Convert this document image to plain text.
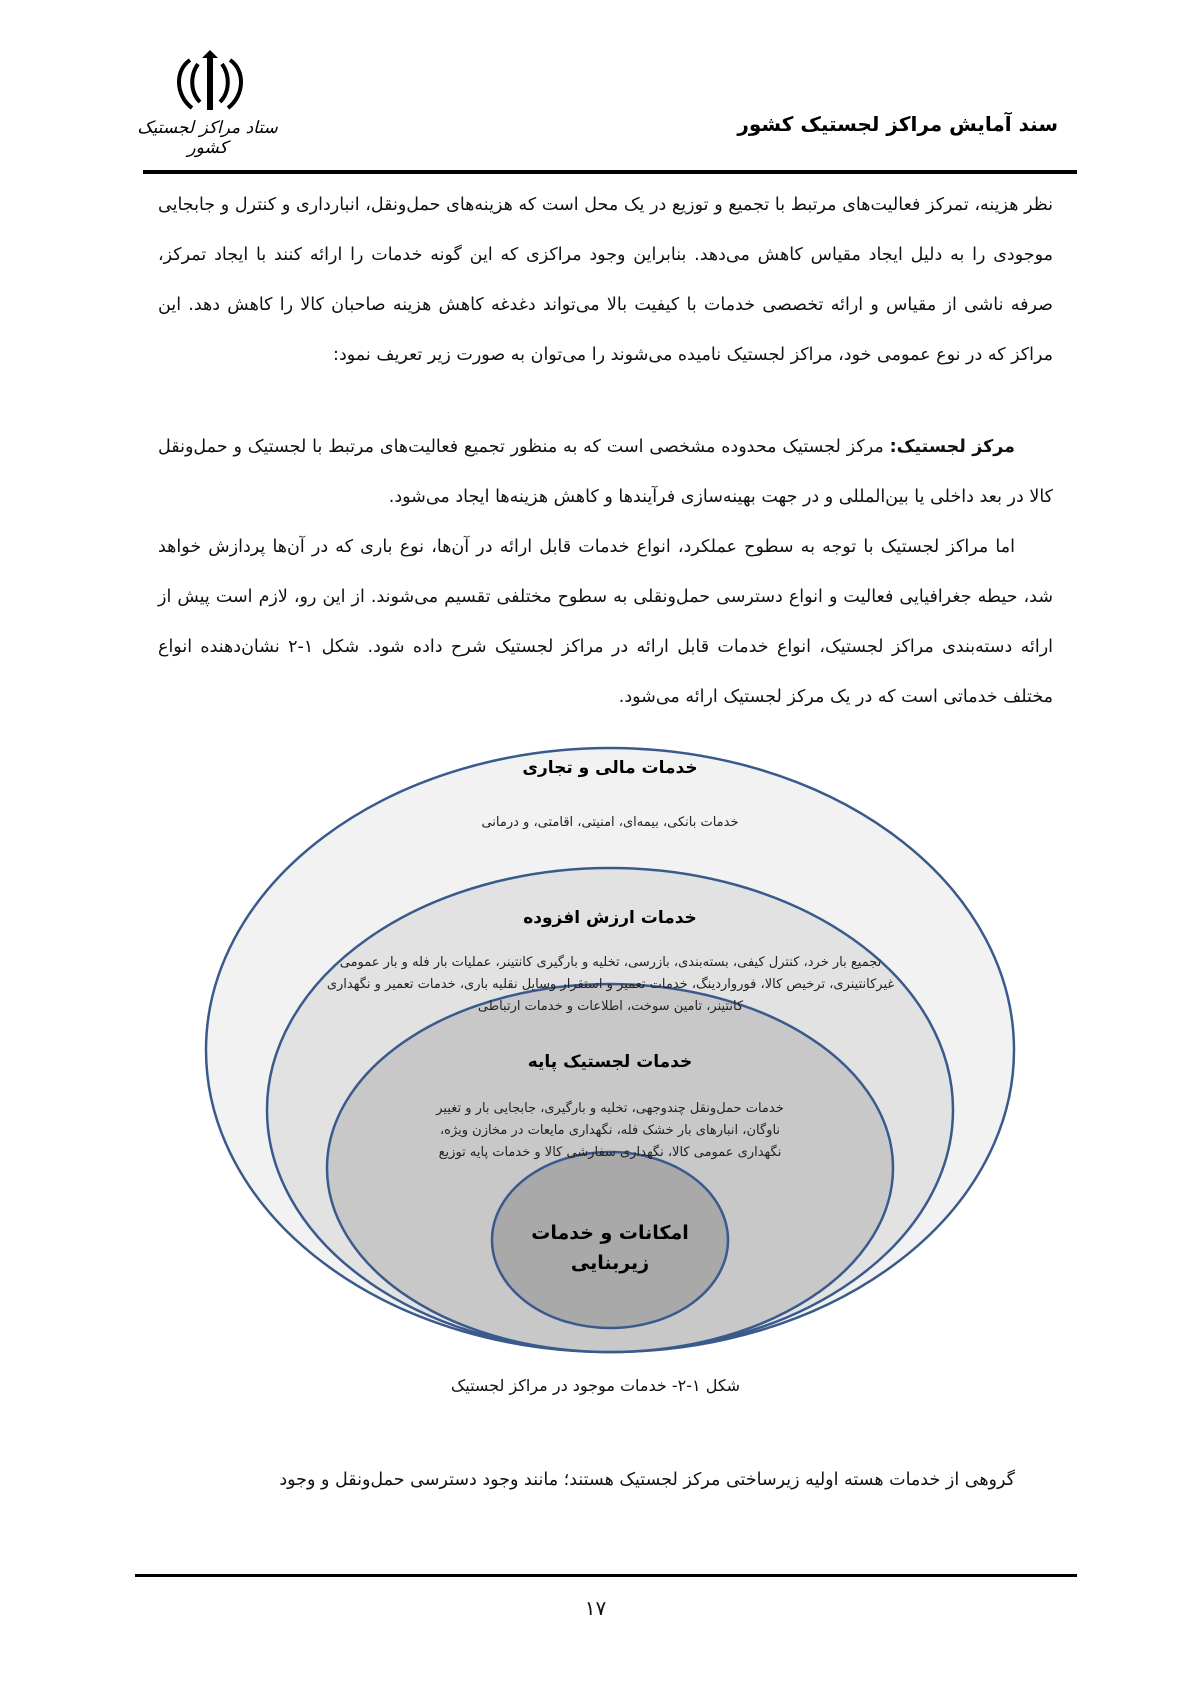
ستاد مراکز لجستیک کشور
سند آمایش مراکز لجستیک کشور

نظر هزینه، تمرکز فعالیت‌های مرتبط با تجمیع و توزیع در یک محل است که هزینه‌های حمل‌ونقل، انبارداری و کنترل و جابجایی موجودی را به دلیل ایجاد مقیاس کاهش می‌دهد. بنابراین وجود مراکزی که این گونه خدمات را ارائه کنند با ایجاد تمرکز، صرفه ناشی از مقیاس و ارائه تخصصی خدمات با کیفیت بالا می‌تواند دغدغه کاهش هزینه صاحبان کالا را کاهش دهد. این مراکز که در نوع عمومی خود، مراکز لجستیک نامیده می‌شوند را می‌توان به صورت زیر تعریف نمود:

مرکز لجستیک: مرکز لجستیک محدوده مشخصی است که به منظور تجمیع فعالیت‌های مرتبط با لجستیک و حمل‌ونقل کالا در بعد داخلی یا بین‌المللی و در جهت بهینه‌سازی فرآیندها و کاهش هزینه‌ها ایجاد می‌شود.

اما مراکز لجستیک با توجه به سطوح عملکرد، انواع خدمات قابل ارائه در آن‌ها، نوع باری که در آن‌ها پردازش خواهد شد، حیطه جغرافیایی فعالیت و انواع دسترسی حمل‌ونقلی به سطوح مختلفی تقسیم می‌شوند. از این رو، لازم است پیش از ارائه دسته‌بندی مراکز لجستیک، انواع خدمات قابل ارائه در مراکز لجستیک شرح داده شود. شکل ۱-۲ نشان‌دهنده انواع مختلف خدماتی است که در یک مرکز لجستیک ارائه می‌شود.

خدمات مالی و تجاری
خدمات بانکی، بیمه‌ای، امنیتی، اقامتی، و درمانی
خدمات ارزش افزوده
تجمیع بار خرد، کنترل کیفی، بسته‌بندی، بازرسی، تخلیه و بارگیری کانتینر، عملیات بار فله و بار عمومی غیرکانتینری، ترخیص کالا، فورواردینگ، خدمات تعمیر و استقرار وسایل نقلیه باری، خدمات تعمیر و نگهداری کانتینر، تامین سوخت، اطلاعات و خدمات ارتباطی
خدمات لجستیک پایه
خدمات حمل‌ونقل چندوجهی، تخلیه و بارگیری، جابجایی بار و تغییر ناوگان، انبارهای بار خشک فله، نگهداری مایعات در مخازن ویژه، نگهداری عمومی کالا، نگهداری سفارشی کالا و خدمات پایه توزیع
امکانات و خدمات زیربنایی
شکل ۱-۲- خدمات موجود در مراکز لجستیک

گروهی از خدمات هسته اولیه زیرساختی مرکز لجستیک هستند؛ مانند وجود دسترسی حمل‌ونقل و وجود

۱۷
